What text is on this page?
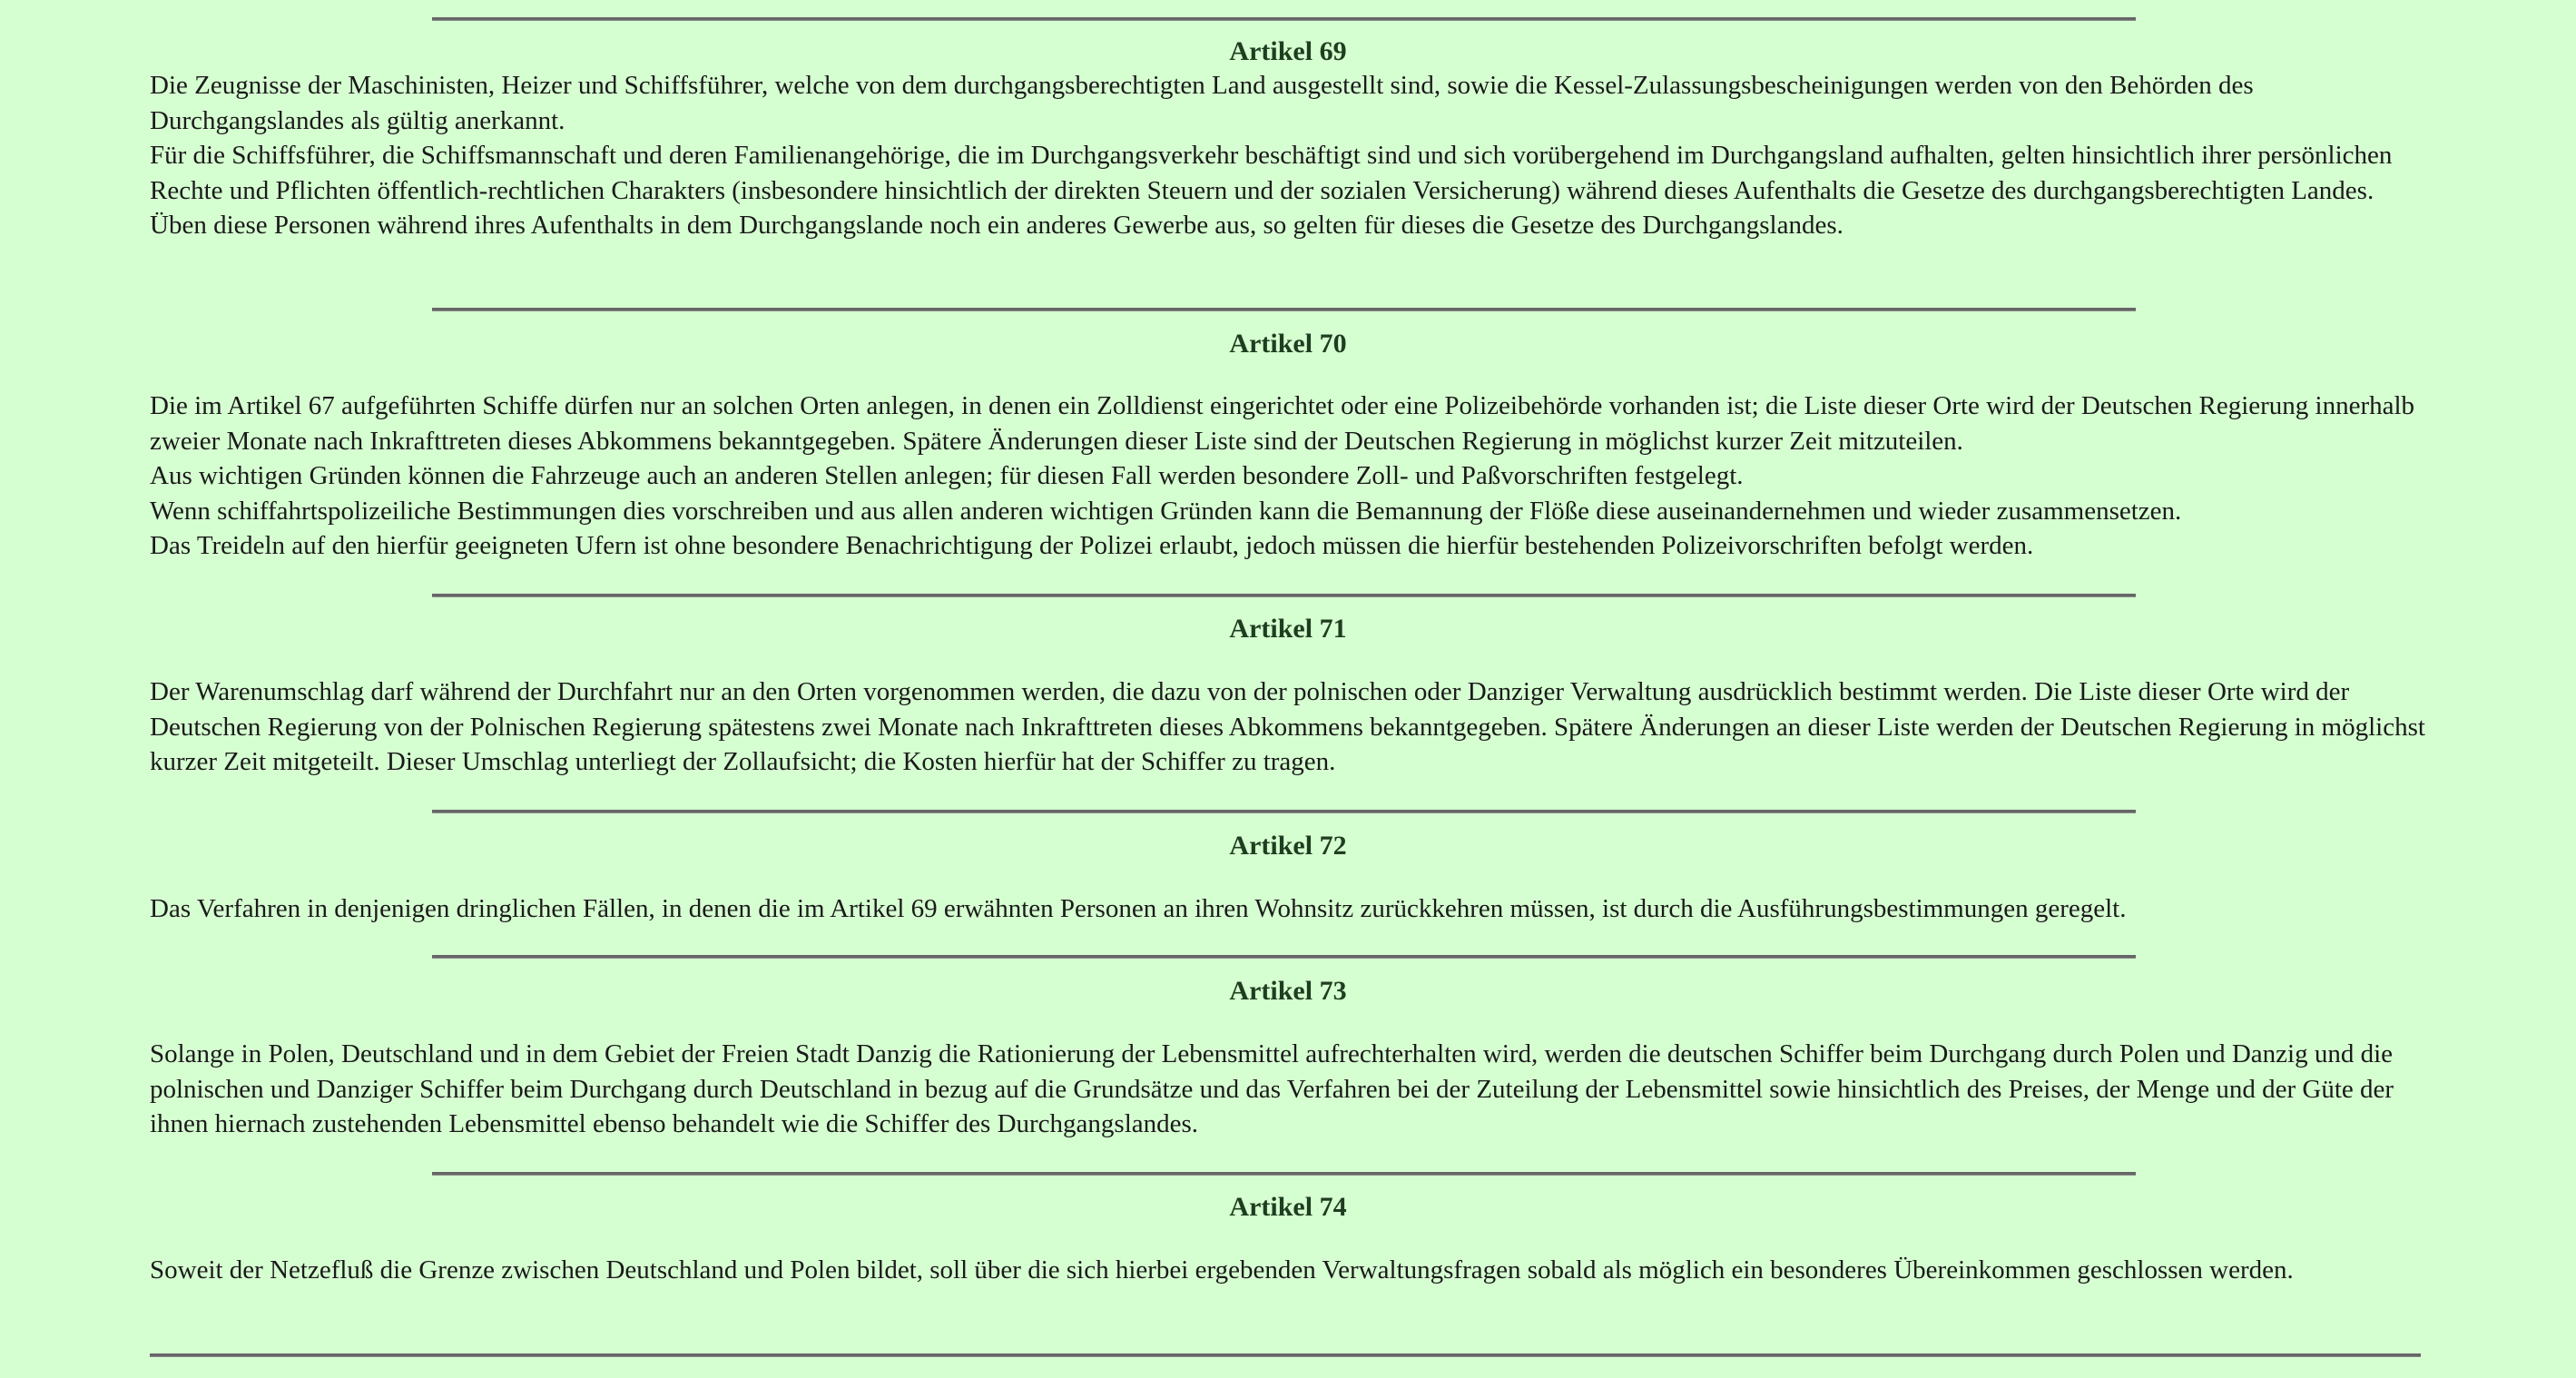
Artikel 69

Die Zeugnisse der Maschinisten, Heizer und Schiffsführer, welche von dem durchgangsberechtigten Land ausgestellt sind, sowie die Kessel-Zulassungsbescheinigungen werden von den Behörden des Durchgangslandes als gültig anerkannt.

Für die Schiffsführer, die Schiffsmannschaft und deren Familienangehörige, die im Durchgangsverkehr beschäftigt sind und sich vorübergehend im Durchgangsland aufhalten, gelten hinsichtlich ihrer persönlichen Rechte und Pflichten öffentlich-rechtlichen Charakters (insbesondere hinsichtlich der direkten Steuern und der sozialen Versicherung) während dieses Aufenthalts die Gesetze des durchgangsberechtigten Landes.

Üben diese Personen während ihres Aufenthalts in dem Durchgangslande noch ein anderes Gewerbe aus, so gelten für dieses die Gesetze des Durchgangslandes.

Artikel 70

Die im Artikel 67 aufgeführten Schiffe dürfen nur an solchen Orten anlegen, in denen ein Zolldienst eingerichtet oder eine Polizeibehörde vorhanden ist; die Liste dieser Orte wird der Deutschen Regierung innerhalb zweier Monate nach Inkrafttreten dieses Abkommens bekanntgegeben. Spätere Änderungen dieser Liste sind der Deutschen Regierung in möglichst kurzer Zeit mitzuteilen.

Aus wichtigen Gründen können die Fahrzeuge auch an anderen Stellen anlegen; für diesen Fall werden besondere Zoll- und Paßvorschriften festgelegt.

Wenn schiffahrtspolizeiliche Bestimmungen dies vorschreiben und aus allen anderen wichtigen Gründen kann die Bemannung der Flöße diese auseinandernehmen und wieder zusammensetzen.

Das Treideln auf den hierfür geeigneten Ufern ist ohne besondere Benachrichtigung der Polizei erlaubt, jedoch müssen die hierfür bestehenden Polizeivorschriften befolgt werden.

Artikel 71

Der Warenumschlag darf während der Durchfahrt nur an den Orten vorgenommen werden, die dazu von der polnischen oder Danziger Verwaltung ausdrücklich bestimmt werden. Die Liste dieser Orte wird der Deutschen Regierung von der Polnischen Regierung spätestens zwei Monate nach Inkrafttreten dieses Abkommens bekanntgegeben. Spätere Änderungen an dieser Liste werden der Deutschen Regierung in möglichst kurzer Zeit mitgeteilt. Dieser Umschlag unterliegt der Zollaufsicht; die Kosten hierfür hat der Schiffer zu tragen.

Artikel 72

Das Verfahren in denjenigen dringlichen Fällen, in denen die im Artikel 69 erwähnten Personen an ihren Wohnsitz zurückkehren müssen, ist durch die Ausführungsbestimmungen geregelt.

Artikel 73

Solange in Polen, Deutschland und in dem Gebiet der Freien Stadt Danzig die Rationierung der Lebensmittel aufrechterhalten wird, werden die deutschen Schiffer beim Durchgang durch Polen und Danzig und die polnischen und Danziger Schiffer beim Durchgang durch Deutschland in bezug auf die Grundsätze und das Verfahren bei der Zuteilung der Lebensmittel sowie hinsichtlich des Preises, der Menge und der Güte der ihnen hiernach zustehenden Lebensmittel ebenso behandelt wie die Schiffer des Durchgangslandes.

Artikel 74

Soweit der Netzefluß die Grenze zwischen Deutschland und Polen bildet, soll über die sich hierbei ergebenden Verwaltungsfragen sobald als möglich ein besonderes Übereinkommen geschlossen werden.
